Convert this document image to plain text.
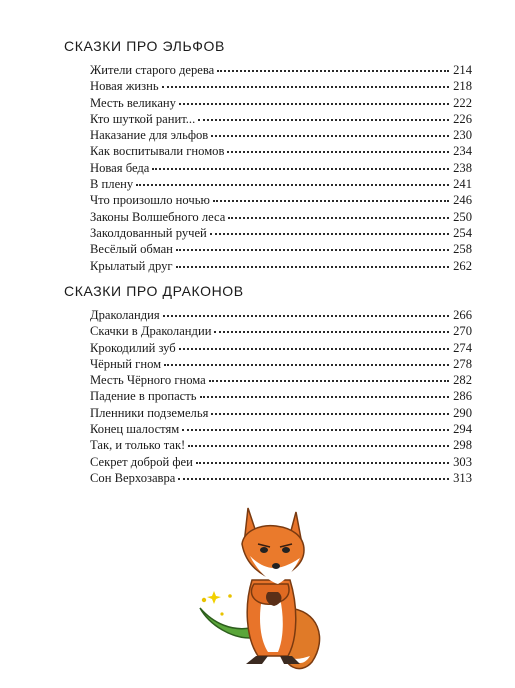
СКАЗКИ ПРО ЭЛЬФОВ
Жители старого дерева	214
Новая жизнь	218
Месть великану	222
Кто шуткой ранит...	226
Наказание для эльфов	230
Как воспитывали гномов	234
Новая беда	238
В плену	241
Что произошло ночью	246
Законы Волшебного леса	250
Заколдованный ручей	254
Весёлый обман	258
Крылатый друг	262
СКАЗКИ ПРО ДРАКОНОВ
Драколандия	266
Скачки в Драколандии	270
Крокодилий зуб	274
Чёрный гном	278
Месть Чёрного гнома	282
Падение в пропасть	286
Пленники подземелья	290
Конец шалостям	294
Так, и только так!	298
Секрет доброй феи	303
Сон Верхозавра	313
